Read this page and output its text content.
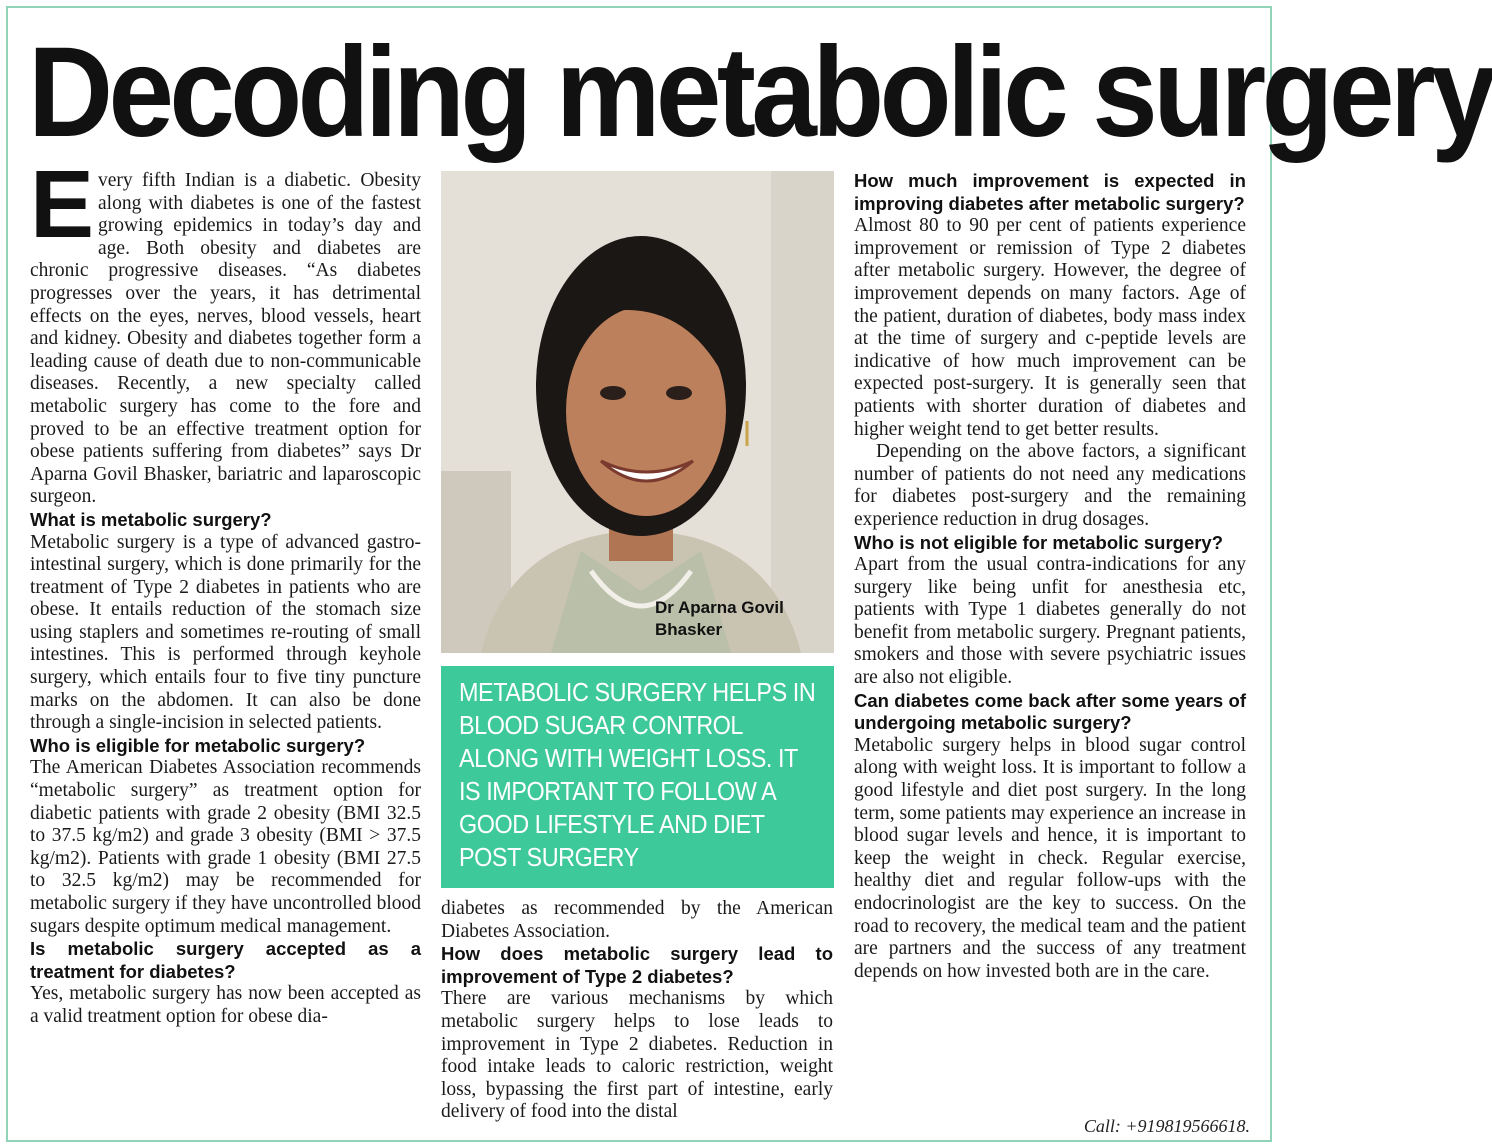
Decoding metabolic surgery
E very fifth Indian is a diabetic. Obesity along with diabetes is one of the fastest growing epidemics in today’s day and age. Both obesity and diabetes are chronic progressive diseases. “As diabetes progresses over the years, it has detrimental effects on the eyes, nerves, blood vessels, heart and kidney. Obesity and diabetes together form a leading cause of death due to non-communicable diseases. Recently, a new specialty called metabolic surgery has come to the fore and proved to be an effective treatment option for obese patients suffering from diabetes” says Dr Aparna Govil Bhasker, bariatric and laparoscopic surgeon.

What is metabolic surgery?

Metabolic surgery is a type of advanced gastro-intestinal surgery, which is done primarily for the treatment of Type 2 diabetes in patients who are obese. It entails reduction of the stomach size using staplers and sometimes re-routing of small intestines. This is performed through keyhole surgery, which entails four to five tiny puncture marks on the abdomen. It can also be done through a single-incision in selected patients.

Who is eligible for metabolic surgery?

The American Diabetes Association recommends “metabolic surgery” as treatment option for diabetic patients with grade 2 obesity (BMI 32.5 to 37.5 kg/m2) and grade 3 obesity (BMI > 37.5 kg/m2). Patients with grade 1 obesity (BMI 27.5 to 32.5 kg/m2) may be recommended for metabolic surgery if they have uncontrolled blood sugars despite optimum medical management.

Is metabolic surgery accepted as a treatment for diabetes?

Yes, metabolic surgery has now been accepted as a valid treatment option for obese dia-

Dr Aparna Govil
Bhasker
METABOLIC SURGERY HELPS IN BLOOD SUGAR CONTROL ALONG WITH WEIGHT LOSS. IT IS IMPORTANT TO FOLLOW A GOOD LIFESTYLE AND DIET POST SURGERY

diabetes as recommended by the American Diabetes Association.

How does metabolic surgery lead to improvement of Type 2 diabetes?

There are various mechanisms by which metabolic surgery helps to lose leads to improvement in Type 2 diabetes. Reduction in food intake leads to caloric restriction, weight loss, bypassing the first part of intestine, early delivery of food into the distal

How much improvement is expected in improving diabetes after metabolic surgery?

Almost 80 to 90 per cent of patients experience improvement or remission of Type 2 diabetes after metabolic surgery. However, the degree of improvement depends on many factors. Age of the patient, duration of diabetes, body mass index at the time of surgery and c-peptide levels are indicative of how much improvement can be expected post-surgery. It is generally seen that patients with shorter duration of diabetes and higher weight tend to get better results.

Depending on the above factors, a significant number of patients do not need any medications for diabetes post-surgery and the remaining experience reduction in drug dosages.

Who is not eligible for metabolic surgery?

Apart from the usual contra-indications for any surgery like being unfit for anesthesia etc, patients with Type 1 diabetes generally do not benefit from metabolic surgery. Pregnant patients, smokers and those with severe psychiatric issues are also not eligible.

Can diabetes come back after some years of undergoing metabolic surgery?

Metabolic surgery helps in blood sugar control along with weight loss. It is important to follow a good lifestyle and diet post surgery. In the long term, some patients may experience an increase in blood sugar levels and hence, it is important to keep the weight in check. Regular exercise, healthy diet and regular follow-ups with the endocrinologist are the key to success. On the road to recovery, the medical team and the patient are partners and the success of any treatment depends on how invested both are in the care.

Call: +919819566618.
